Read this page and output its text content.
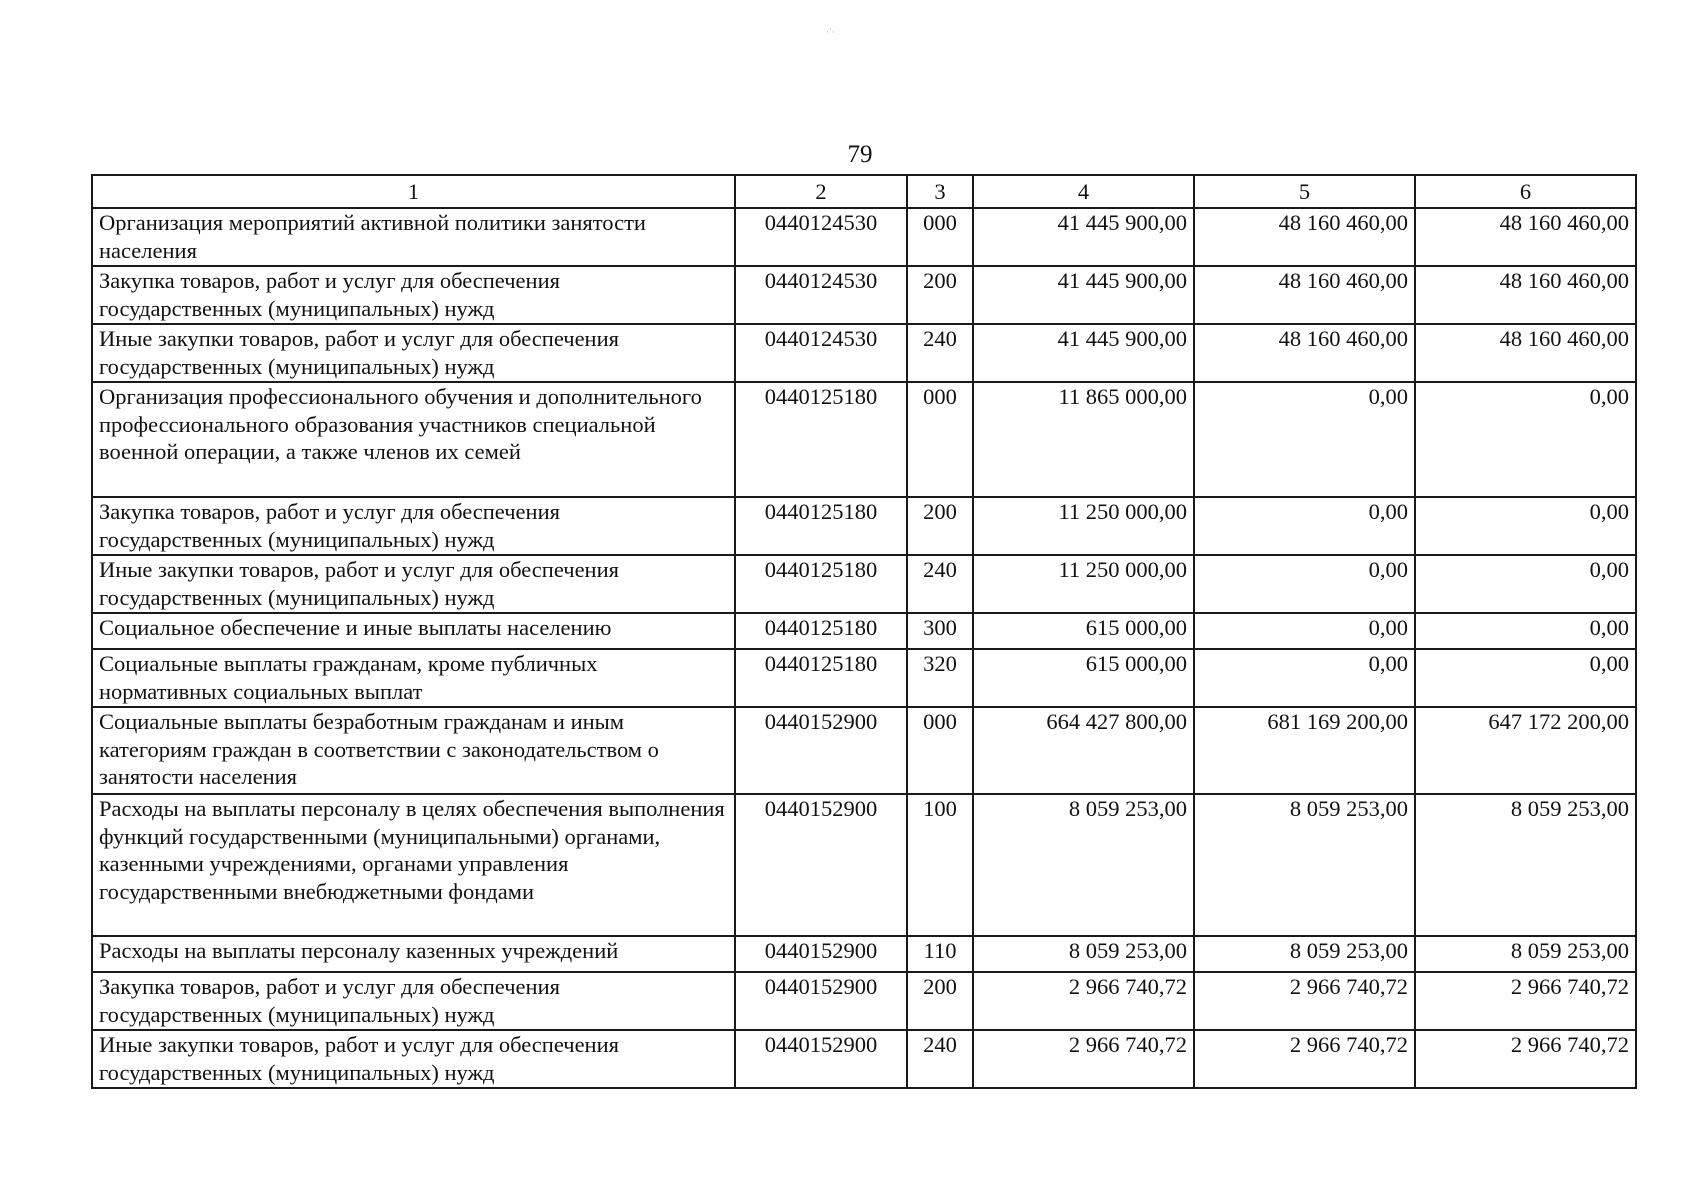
·˙·
79
1	2	3	4	5	6
Организация мероприятий активной политики занятости населения	0440124530	000	41 445 900,00	48 160 460,00	48 160 460,00
Закупка товаров, работ и услуг для обеспечения государственных (муниципальных) нужд	0440124530	200	41 445 900,00	48 160 460,00	48 160 460,00
Иные закупки товаров, работ и услуг для обеспечения государственных (муниципальных) нужд	0440124530	240	41 445 900,00	48 160 460,00	48 160 460,00
Организация профессионального обучения и дополнительного профессионального образования участников специальной военной операции, а также членов их семей	0440125180	000	11 865 000,00	0,00	0,00
Закупка товаров, работ и услуг для обеспечения государственных (муниципальных) нужд	0440125180	200	11 250 000,00	0,00	0,00
Иные закупки товаров, работ и услуг для обеспечения государственных (муниципальных) нужд	0440125180	240	11 250 000,00	0,00	0,00
Социальное обеспечение и иные выплаты населению	0440125180	300	615 000,00	0,00	0,00
Социальные выплаты гражданам, кроме публичных нормативных социальных выплат	0440125180	320	615 000,00	0,00	0,00
Социальные выплаты безработным гражданам и иным категориям граждан в соответствии с законодательством о занятости населения	0440152900	000	664 427 800,00	681 169 200,00	647 172 200,00
Расходы на выплаты персоналу в целях обеспечения выполнения функций государственными (муниципальными) органами, казенными учреждениями, органами управления государственными внебюджетными фондами	0440152900	100	8 059 253,00	8 059 253,00	8 059 253,00
Расходы на выплаты персоналу казенных учреждений	0440152900	110	8 059 253,00	8 059 253,00	8 059 253,00
Закупка товаров, работ и услуг для обеспечения государственных (муниципальных) нужд	0440152900	200	2 966 740,72	2 966 740,72	2 966 740,72
Иные закупки товаров, работ и услуг для обеспечения государственных (муниципальных) нужд	0440152900	240	2 966 740,72	2 966 740,72	2 966 740,72
